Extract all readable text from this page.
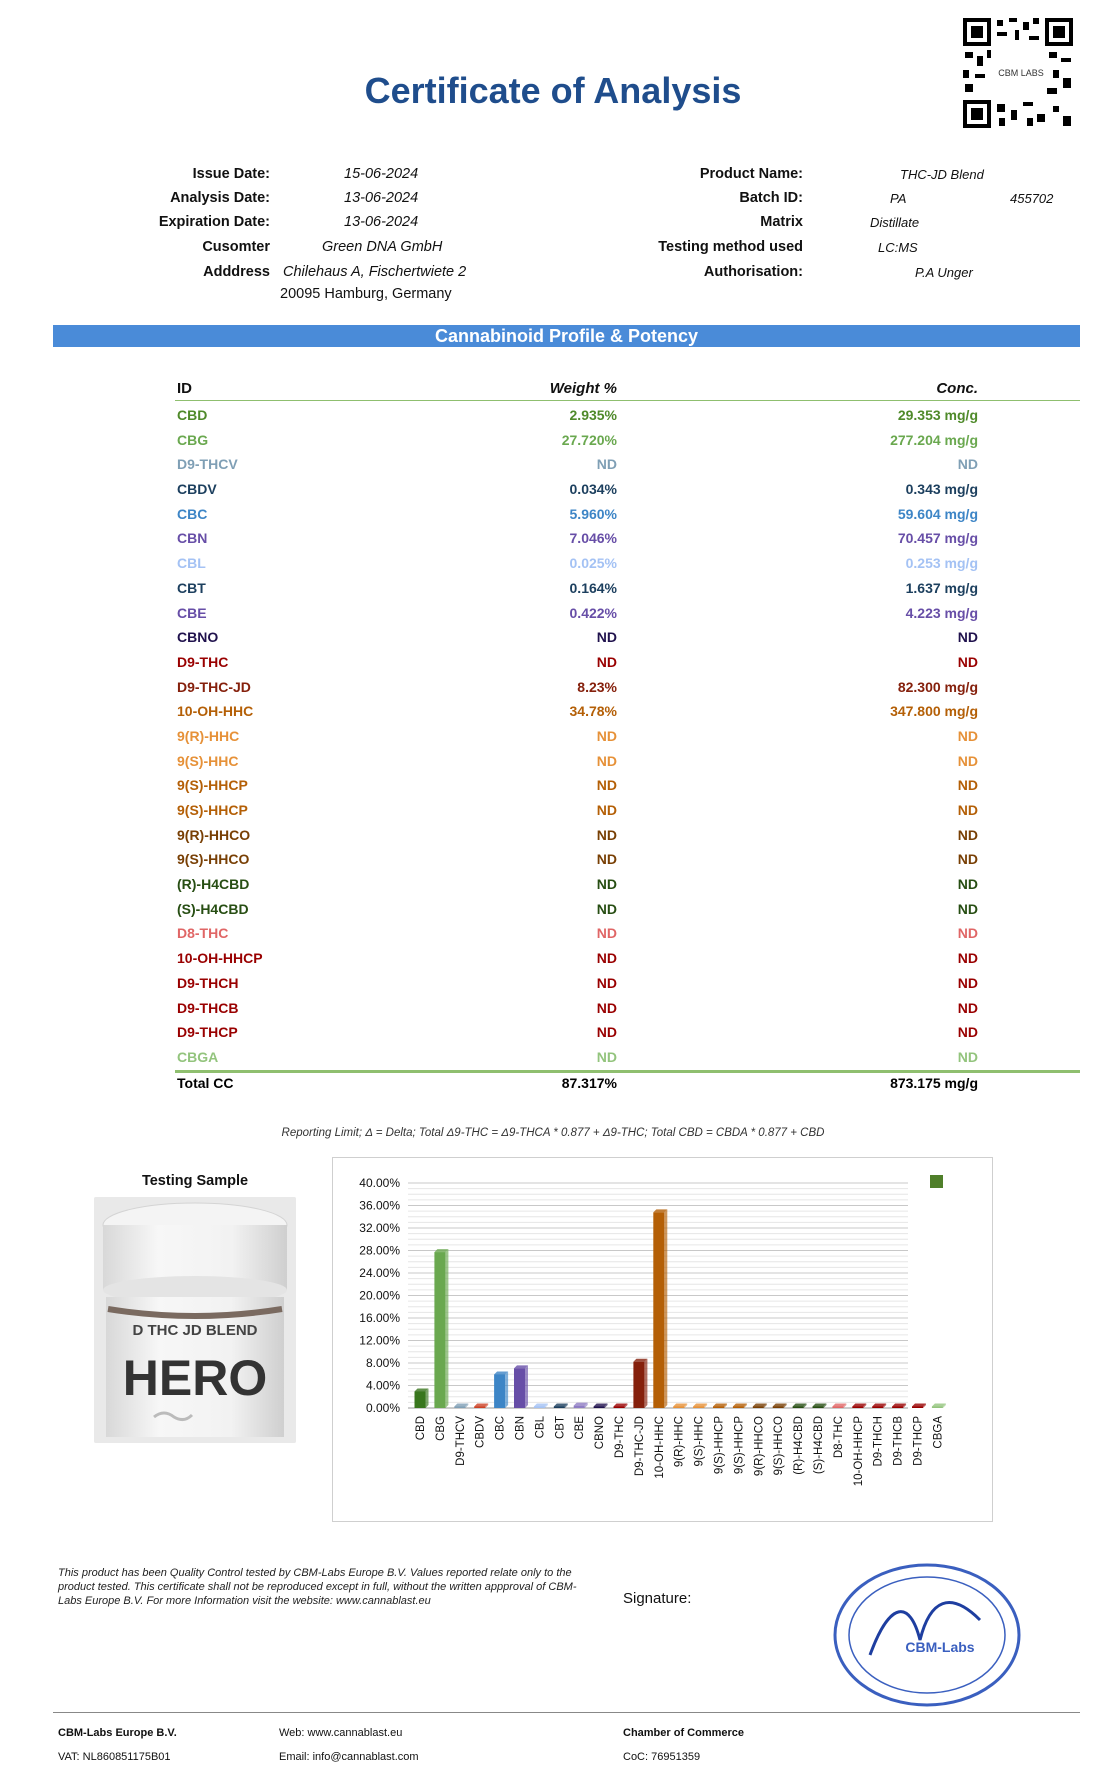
Certificate of Analysis	CBM LABS
Issue Date:	15-06-2024
Analysis Date:	13-06-2024
Expiration Date:	13-06-2024
Cusomter	Green DNA GmbH
Adddress Chilehaus A, Fischertwiete 2
20095 Hamburg, Germany
Product Name:	THC-JD Blend
Batch ID:	PA	455702
Matrix	Distillate
Testing method used	LC:MS
Authorisation:	P.A Unger
Cannabinoid Profile & Potency
ID	Weight %	Conc.
CBD	2.935%	29.353 mg/g
CBG	27.720%	277.204 mg/g
D9-THCV	ND	ND
CBDV	0.034%	0.343 mg/g
CBC	5.960%	59.604 mg/g
CBN	7.046%	70.457 mg/g
CBL	0.025%	0.253 mg/g
CBT	0.164%	1.637 mg/g
CBE	0.422%	4.223 mg/g
CBNO	ND	ND
D9-THC	ND	ND
D9-THC-JD	8.23%	82.300 mg/g
10-OH-HHC	34.78%	347.800 mg/g
9(R)-HHC	ND	ND
9(S)-HHC	ND	ND
9(S)-HHCP	ND	ND
9(S)-HHCP	ND	ND
9(R)-HHCO	ND	ND
9(S)-HHCO	ND	ND
(R)-H4CBD	ND	ND
(S)-H4CBD	ND	ND
D8-THC	ND	ND
10-OH-HHCP	ND	ND
D9-THCH	ND	ND
D9-THCB	ND	ND
D9-THCP	ND	ND
CBGA	ND	ND
Total CC	87.317%	873.175 mg/g
Reporting Limit; Δ = Delta; Total Δ9-THC = Δ9-THCA * 0.877 + Δ9-THC; Total CBD = CBDA * 0.877 + CBD
Testing Sample
D THC JD BLEND
HERO
40.00%
36.00%
32.00%
28.00%
24.00%
20.00%
16.00%
12.00%
8.00%
4.00%
0.00%
CBD CBG D9-THCV CBDV CBC CBN CBL CBT CBE CBNO D9-THC D9-THC-JD 10-OH-HHC 9(R)-HHC 9(S)-HHC 9(S)-HHCP 9(S)-HHCP 9(R)-HHCO 9(S)-HHCO (R)-H4CBD (S)-H4CBD D8-THC 10-OH-HHCP D9-THCH D9-THCB D9-THCP CBGA
This product has been Quality Control tested by CBM-Labs Europe B.V. Values reported relate only to the product tested. This certificate shall not be reproduced except in full, without the written appproval of CBM-Labs Europe B.V. For more Information visit the website: www.cannablast.eu	Signature:
CBM-Labs
CBM-Labs Europe B.V.
VAT: NL860851175B01
Web: www.cannablast.eu
Email: info@cannablast.com
Chamber of Commerce
CoC: 76951359
